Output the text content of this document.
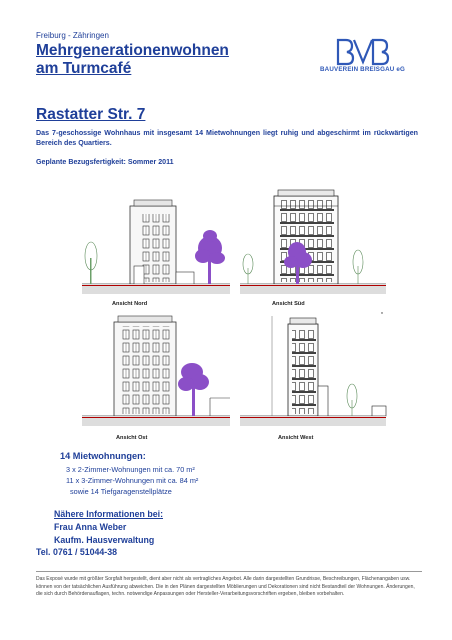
Freiburg - Zähringen
Mehrgenerationenwohnen
am Turmcafé	BAUVEREIN BREISGAU eG
Rastatter Str. 7
Das 7-geschossige Wohnhaus mit insgesamt 14 Mietwohnungen liegt ruhig und abgeschirmt im rückwärtigen Bereich des Quartiers.
Geplante Bezugsfertigkeit: Sommer 2011
Ansicht Nord	Ansicht Süd
Ansicht Ost	Ansicht West
14 Mietwohnungen:
3 x 2-Zimmer-Wohnungen mit ca. 70 m²
11 x 3-Zimmer-Wohnungen mit ca. 84 m²
sowie 14 Tiefgaragenstellplätze
Nähere Informationen bei:
Frau Anna Weber
Kaufm. Hausverwaltung
Tel. 0761 / 51044-38
Das Exposé wurde mit größter Sorgfalt hergestellt, dient aber nicht als vertragliches Angebot. Alle darin dargestellten Grundrisse, Beschreibungen, Flächenangaben usw. können von der tatsächlichen Ausführung abweichen. Die in den Plänen dargestellten Möblierungen und Dekorationen sind nicht Bestandteil der Wohnungen. Änderungen, die sich durch Behördenauflagen, techn. notwendige Anpassungen oder Hersteller-Verarbeitungsvorschriften ergeben, bleiben vorbehalten.
